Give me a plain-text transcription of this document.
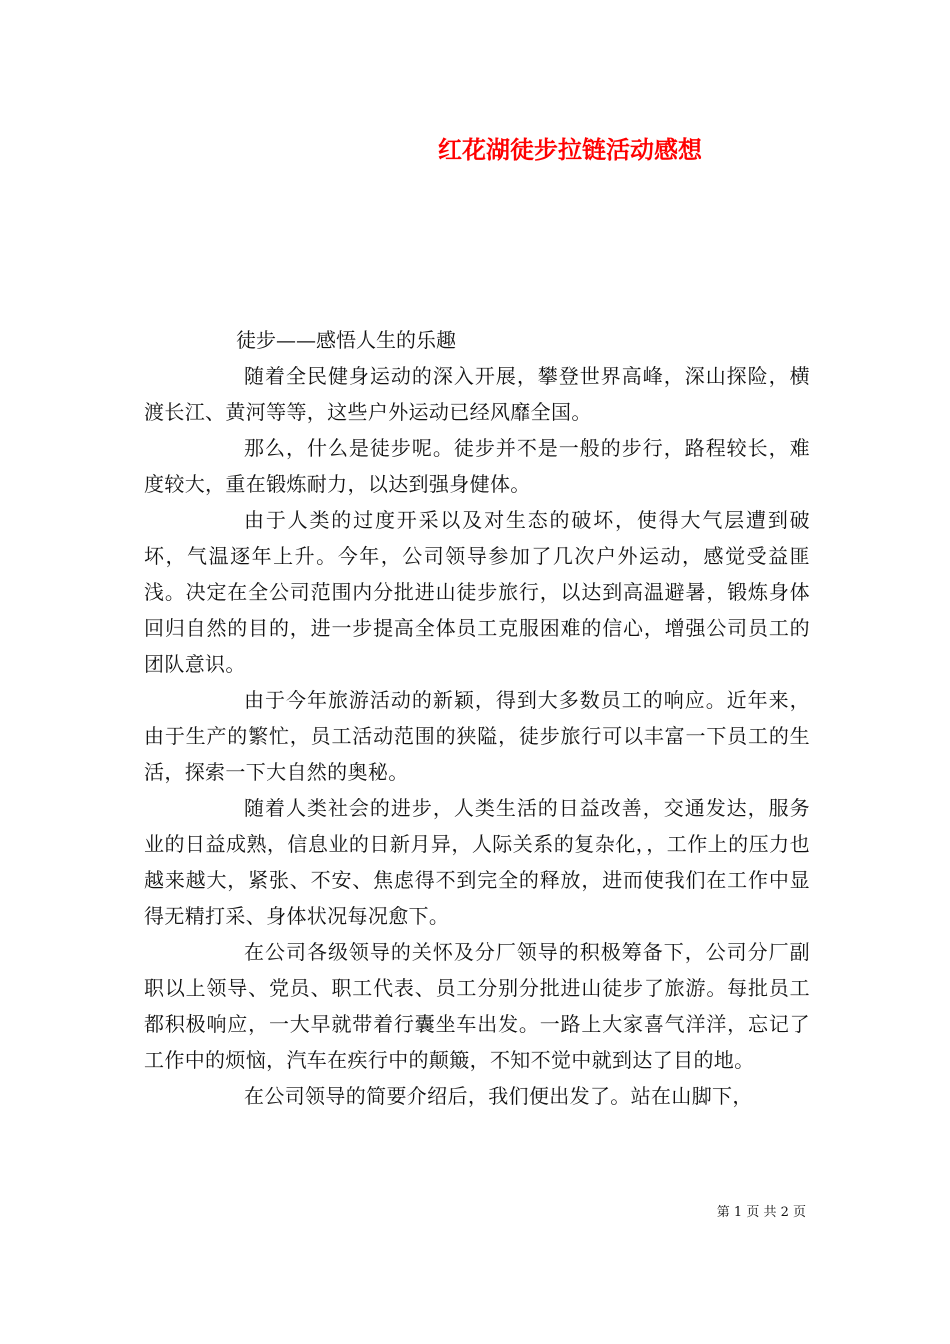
红花湖徒步拉链活动感想

徒步——感悟人生的乐趣

随着全民健身运动的深入开展，攀登世界高峰，深山探险，横渡长江、黄河等等，这些户外运动已经风靡全国。

那么，什么是徒步呢。徒步并不是一般的步行，路程较长，难度较大，重在锻炼耐力，以达到强身健体。

由于人类的过度开采以及对生态的破坏，使得大气层遭到破坏，气温逐年上升。今年，公司领导参加了几次户外运动，感觉受益匪浅。决定在全公司范围内分批进山徒步旅行，以达到高温避暑，锻炼身体回归自然的目的，进一步提高全体员工克服困难的信心，增强公司员工的团队意识。

由于今年旅游活动的新颖，得到大多数员工的响应。近年来，由于生产的繁忙，员工活动范围的狭隘，徒步旅行可以丰富一下员工的生活，探索一下大自然的奥秘。

随着人类社会的进步，人类生活的日益改善，交通发达，服务业的日益成熟，信息业的日新月异，人际关系的复杂化，，工作上的压力也越来越大，紧张、不安、焦虑得不到完全的释放，进而使我们在工作中显得无精打采、身体状况每况愈下。

在公司各级领导的关怀及分厂领导的积极筹备下，公司分厂副职以上领导、党员、职工代表、员工分别分批进山徒步了旅游。每批员工都积极响应，一大早就带着行囊坐车出发。一路上大家喜气洋洋，忘记了工作中的烦恼，汽车在疾行中的颠簸，不知不觉中就到达了目的地。

在公司领导的简要介绍后，我们便出发了。站在山脚下，

第 1 页 共 2 页
